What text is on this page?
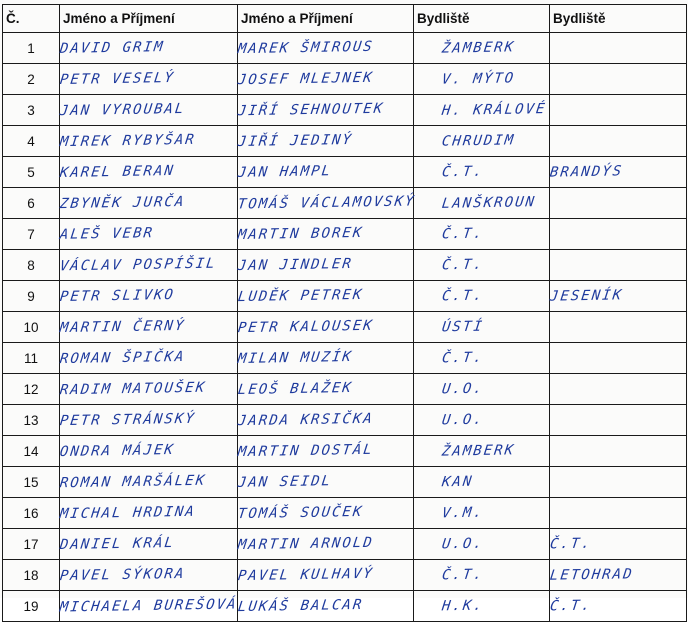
Č.	Jméno a Příjmení	Jméno a Příjmení	Bydliště	Bydliště
1	DAVID GRIM	MAREK ŠMIROUS	ŽAMBERK	
2	PETR VESELÝ	JOSEF MLEJNEK	V. MÝTO	
3	JAN VYROUBAL	JIŘÍ SEHNOUTEK	H. KRÁLOVÉ	
4	MIREK RYBYŠAR	JIŘÍ JEDINÝ	CHRUDIM	
5	KAREL BERAN	JAN HAMPL	Č.T.	BRANDÝS
6	ZBYNĚK JURČA	TOMÁŠ VÁCLAMOVSKÝ	LANŠKROUN	
7	ALEŠ VEBR	MARTIN BOREK	Č.T.	
8	VÁCLAV POSPÍŠIL	JAN JINDLER	Č.T.	
9	PETR SLIVKO	LUDĚK PETREK	Č.T.	JESENÍK
10	MARTIN ČERNÝ	PETR KALOUSEK	ÚSTÍ	
11	ROMAN ŠPIČKA	MILAN MUZÍK	Č.T.	
12	RADIM MATOUŠEK	LEOŠ BLAŽEK	U.O.	
13	PETR STRÁNSKÝ	JARDA KRSIČKA	U.O.	
14	ONDRA MÁJEK	MARTIN DOSTÁL	ŽAMBERK	
15	ROMAN MARŠÁLEK	JAN SEIDL	KAN	
16	MICHAL HRDINA	TOMÁŠ SOUČEK	V.M.	
17	DANIEL KRÁL	MARTIN ARNOLD	U.O.	Č.T.
18	PAVEL SÝKORA	PAVEL KULHAVÝ	Č.T.	LETOHRAD
19	MICHAELA BUREŠOVÁ	LUKÁŠ BALCAR	H.K.	Č.T.
